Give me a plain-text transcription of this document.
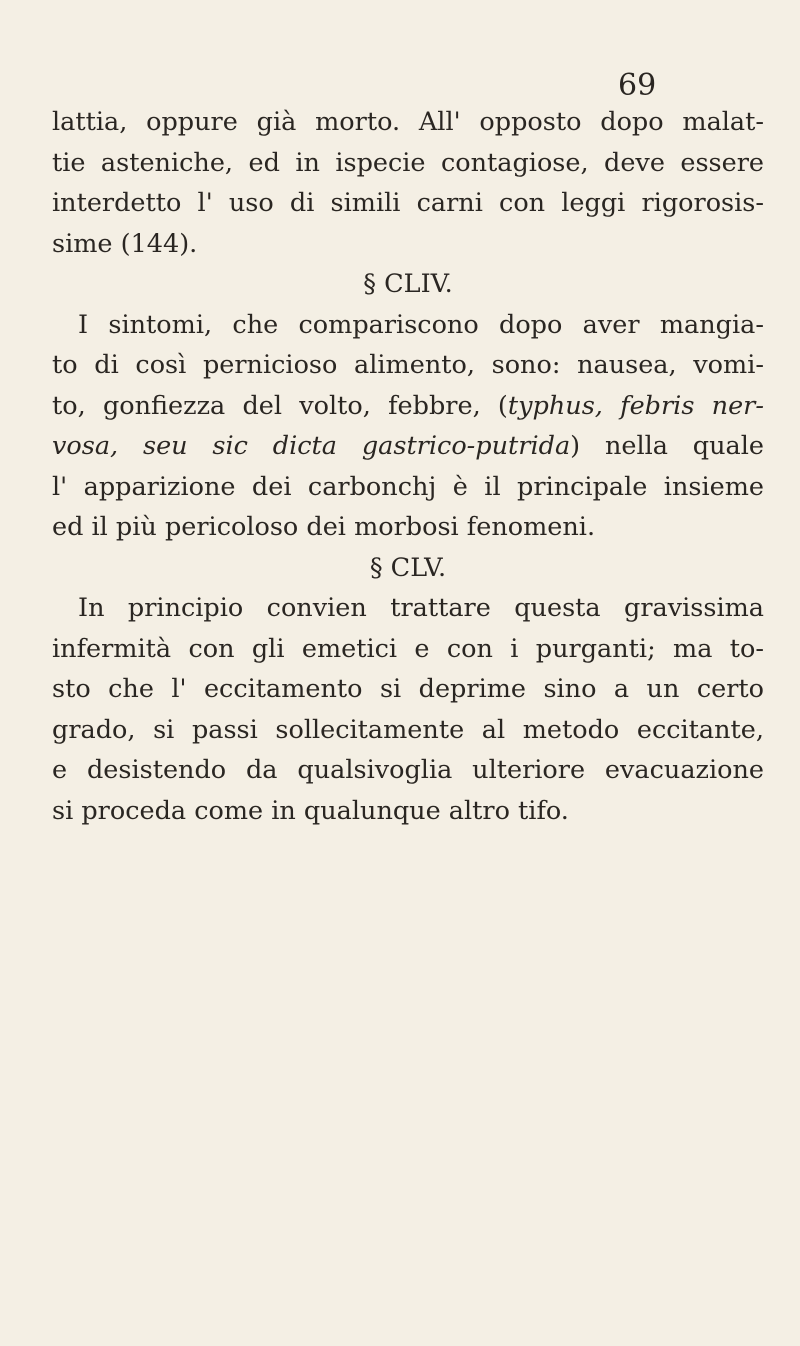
69
lattia, oppure già morto. All' opposto dopo malat-
tie asteniche, ed in ispecie contagiose, deve essere
interdetto l' uso di simili carni con leggi rigorosis-
sime (144).
§ CLIV.
I sintomi, che compariscono dopo aver mangia-
to di così pernicioso alimento, sono: nausea, vomi-
to, gonfiezza del volto, febbre, (typhus, febris ner-
vosa, seu sic dicta gastrico-putrida) nella quale
l' apparizione dei carbonchj è il principale insieme
ed il più pericoloso dei morbosi fenomeni.
§ CLV.
In principio convien trattare questa gravissima
infermità con gli emetici e con i purganti; ma to-
sto che l' eccitamento si deprime sino a un certo
grado, si passi sollecitamente al metodo eccitante,
e desistendo da qualsivoglia ulteriore evacuazione
si proceda come in qualunque altro tifo.
